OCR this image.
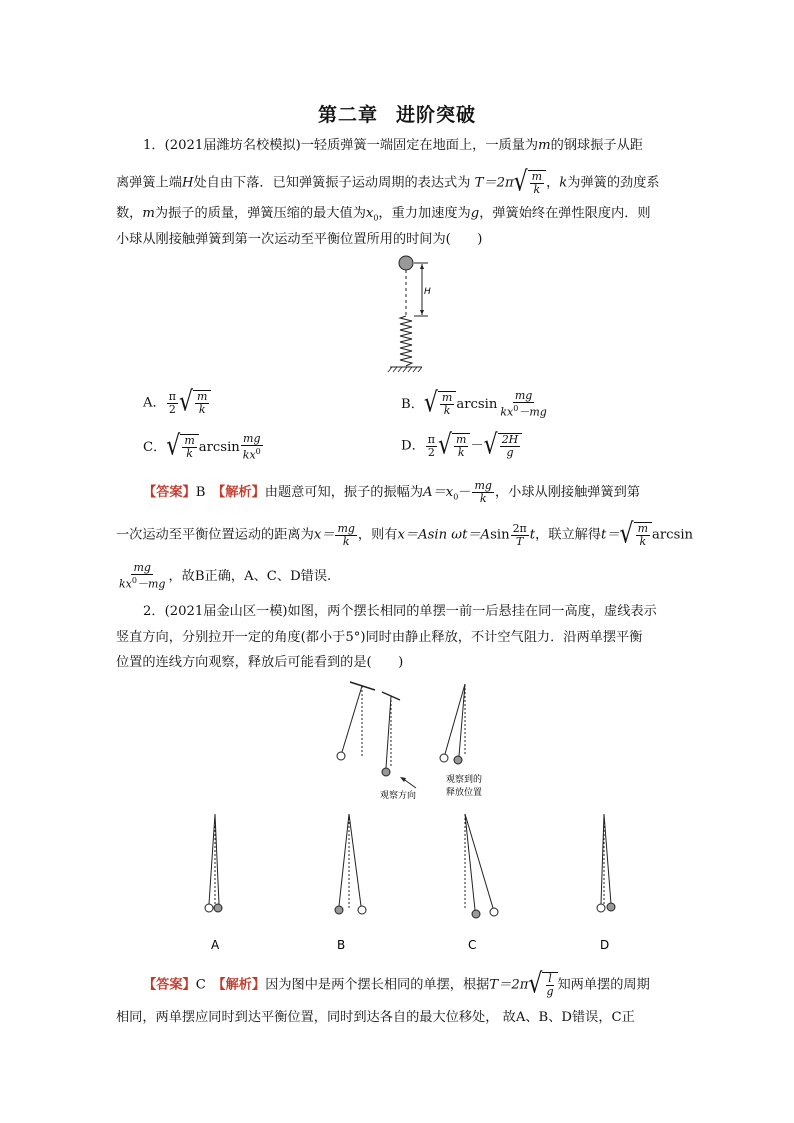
第二章 进阶突破
1．(2021届潍坊名校模拟)一轻质弹簧一端固定在地面上，一质量为m的钢球振子从距
离弹簧上端H处自由下落．已知弹簧振子运动周期的表达式为 T＝2π √ $\frac{m}{k}$ ，k为弹簧的劲度系
数，m为振子的质量，弹簧压缩的最大值为$x_0$，重力加速度为g，弹簧始终在弹性限度内．则
小球从刚接触弹簧到第一次运动至平衡位置所用的时间为(　　)
H
A． $\frac{\pi}{2}$ √ $\frac{m}{k}$	B． √ $\frac{m}{k}$ $\arcsin \frac{mg}{kx^0-mg}$
C． √ $\frac{m}{k}$ $\arcsin \frac{mg}{kx^0}$	D． $\frac{\pi}{2}$ √ $\frac{m}{k}$ － √ $\frac{2H}{g}$
【答案】B　 【解析】由题意可知，振子的振幅为$A=x_0- \frac{mg}{k}$ ，小球从刚接触弹簧到第
一次运动至平衡位置运动的距离为$x= \frac{mg}{k}$ ，则有x＝Asin $\omega t=Asin \frac{2\pi}{T}$ t，联立解得t＝ √ $\frac{m}{k}$ arcsin
$\frac{mg}{kx^0-mg}$ ，故B正确，A、C、D错误.
2．(2021届金山区一模)如图，两个摆长相同的单摆一前一后悬挂在同一高度，虚线表示
竖直方向，分别拉开一定的角度(都小于5°)同时由静止释放，不计空气阻力．沿两单摆平衡
位置的连线方向观察，释放后可能看到的是(　　)
观察方向
观察到的
释放位置
A	B	C	D
【答案】C　 【解析】因为图中是两个摆长相同的单摆，根据T＝2π √ $\frac{l}{g}$ 知两单摆的周期
相同，两单摆应同时到达平衡位置，同时到达各自的最大位移处， 故A、B、D错误，C正
